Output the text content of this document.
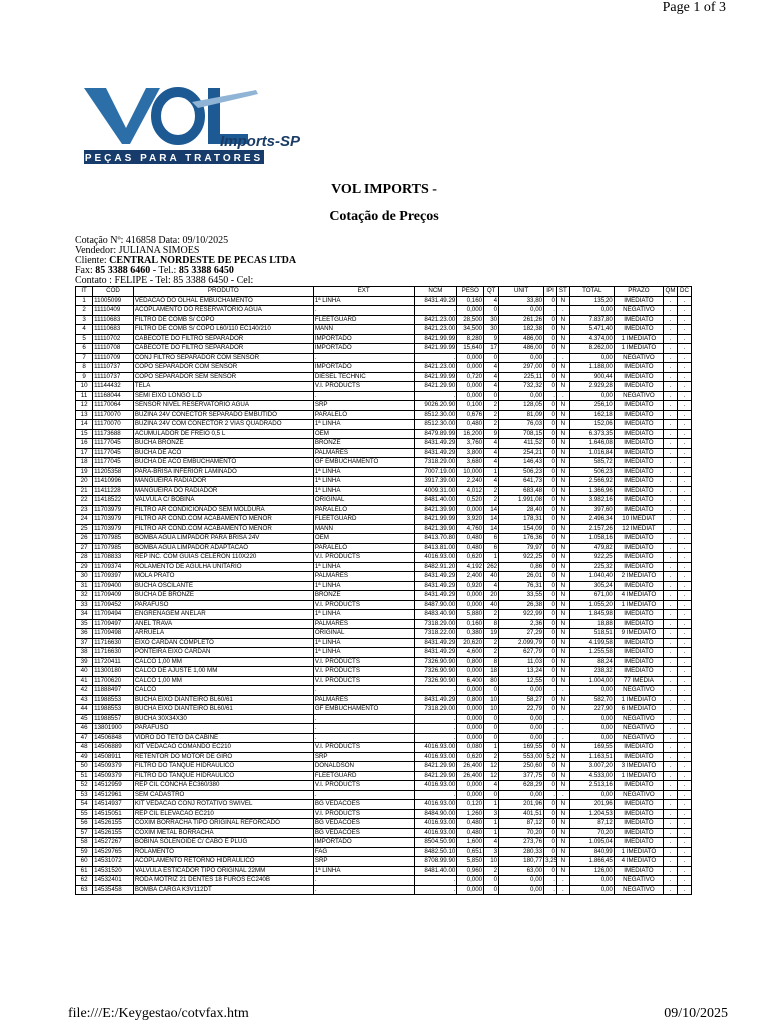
Page 1 of 3
Imports-SP
PEÇAS PARA TRATORES
VOL IMPORTS -
Cotação de Preços
Cotação Nº: 416858 Data: 09/10/2025
Vendedor: JULIANA SIMOES
Cliente: CENTRAL NORDESTE DE PECAS LTDA
Fax: 85 3388 6460 - Tel.: 85 3388 6450
Contato : FELIPE - Tel: 85 3388 6450 - Cel:
IT	COD	PRODUTO	EXT	NCM	PESO	QT	UNIT	IPI	ST	TOTAL	PRAZO	QM	DC
1	11005099	VEDACAO DO OLHAL EMBUCHAMENTO	1ª LINHA	8431.49.29	0,160	4	33,80	0	N	135,20	IMEDIATO	.	.
2	11110409	ACOPLAMENTO DO RESERVATORIO AGUA	.	.	0,000	0	0,00	.	.	0,00	NEGATIVO	.	.
3	11110683	FILTRO DE COMB S/ COPO	FLEETGUARD	8421.23.00	28,500	30	261,26	0	N	7.837,80	IMEDIATO	.	.
4	11110683	FILTRO DE COMB S/ COPO L60/110 EC140/210	MANN	8421.23.00	34,500	30	182,38	0	N	5.471,40	IMEDIATO	.	.
5	11110702	CABECOTE DO FILTRO SEPARADOR	IMPORTADO	8421.99.99	8,280	9	486,00	0	N	4.374,00	1 IMEDIATO	.	.
6	11110708	CABECOTE DO FILTRO SEPARADOR	IMPORTADO	8421.99.99	15,640	17	486,00	0	N	8.262,00	1 IMEDIATO	.	.
7	11110709	CONJ FILTRO SEPARADOR COM SENSOR	.	.	0,000	0	0,00	.	.	0,00	NEGATIVO	.	.
8	11110737	COPO SEPARADOR COM SENSOR	IMPORTADO	8421.23.00	0,000	4	297,00	0	N	1.188,00	IMEDIATO	.	.
9	11110737	COPO SEPARADOR SEM SENSOR	DIESEL TECHNIC	8421.99.99	0,720	4	225,11	0	N	900,44	IMEDIATO	.	.
10	11144432	TELA	V.I. PRODUCTS	8421.29.90	0,000	4	732,32	0	N	2.929,28	IMEDIATO	.	.
11	11168044	SEMI EIXO LONGO L.D	.	.	0,000	0	0,00	.	.	0,00	NEGATIVO	.	.
12	11170064	SENSOR NIVEL RESERVATORIO AGUA	SRP	9026.20.90	0,100	2	128,05	0	N	256,10	IMEDIATO	.	.
13	11170070	BUZINA 24V CONECTOR SEPARADO EMBUTIDO	PARALELO	8512.30.00	0,676	2	81,09	0	N	162,18	IMEDIATO	.	.
14	11170070	BUZINA 24V COM CONECTOR 2 VIAS QUADRADO	1ª LINHA	8512.30.00	0,480	2	76,03	0	N	152,06	IMEDIATO	.	.
15	11173688	ACUMULADOR DE FREIO 0,5 L	OEM	8479.89.99	16,200	9	708,15	0	N	6.373,35	IMEDIATO	.	.
16	11177045	BUCHA BRONZE	BRONZE	8431.49.29	3,760	4	411,52	0	N	1.646,08	IMEDIATO	.	.
17	11177045	BUCHA DE ACO	PALMARES	8431.49.29	3,800	4	254,21	0	N	1.016,84	IMEDIATO	.	.
18	11177045	BUCHA DE ACO EMBUCHAMENTO	GF EMBUCHAMENTO	7318.29.00	3,680	4	146,43	0	N	585,72	IMEDIATO	.	.
19	11205358	PARA-BRISA INFERIOR LAMINADO	1ª LINHA	7007.19.00	10,000	1	506,23	0	N	506,23	IMEDIATO	.	.
20	11410996	MANGUEIRA RADIADOR	1ª LINHA	3917.39.00	2,240	4	641,73	0	N	2.566,92	IMEDIATO	.	.
21	11411228	MANGUEIRA DO RADIADOR	1ª LINHA	4009.31.00	4,012	2	683,48	0	N	1.366,96	IMEDIATO	.	.
22	11418522	VALVULA C/ BOBINA	ORIGINAL	8481.40.00	0,520	2	1.991,08	0	N	3.982,16	IMEDIATO	.	.
23	11703979	FILTRO AR CONDICIONADO SEM MOLDURA	PARALELO	8421.39.90	0,000	14	28,40	0	N	397,60	IMEDIATO	.	.
24	11703979	FILTRO AR COND.COM ACABAMENTO MENOR	FLEETGUARD	8421.99.99	3,920	14	178,31	0	N	2.496,34	10 IMEDIAT	.	.
25	11703979	FILTRO AR COND.COM ACABAMENTO MENOR	MANN	8421.39.90	4,760	14	154,09	0	N	2.157,26	12 IMEDIAT	.	.
26	11707985	BOMBA AGUA LIMPADOR PARA BRISA 24V	OEM	8413.70.80	0,480	6	176,36	0	N	1.058,16	IMEDIATO	.	.
27	11707985	BOMBA AGUA LIMPADOR ADAPTACAO	PARALELO	8413.81.00	0,480	6	79,97	0	N	479,82	IMEDIATO	.	.
28	11708833	REP INC. COM GUIAS CELERON 110X220	V.I. PRODUCTS	4016.93.00	0,620	1	922,25	0	N	922,25	IMEDIATO	.	.
29	11709374	ROLAMENTO DE AGULHA UNITARIO	1ª LINHA	8482.91.20	4,192	262	0,86	0	N	225,32	IMEDIATO	.	.
30	11709397	MOLA PRATO	PALMARES	8431.49.29	2,400	40	26,01	0	N	1.040,40	2 IMEDIATO	.	.
31	11709400	BUCHA OSCILANTE	1ª LINHA	8431.49.29	0,920	4	76,31	0	N	305,24	IMEDIATO	.	.
32	11709409	BUCHA DE BRONZE	BRONZE	8431.49.29	0,000	20	33,55	0	N	671,00	4 IMEDIATO	.	.
33	11709452	PARAFUSO	V.I. PRODUCTS	8487.90.00	0,000	40	26,38	0	N	1.055,20	1 IMEDIATO	.	.
34	11709494	ENGRENAGEM ANELAR	1ª LINHA	8483.40.90	5,880	2	922,99	0	N	1.845,98	IMEDIATO	.	.
35	11709497	ANEL TRAVA	PALMARES	7318.29.00	0,160	8	2,36	0	N	18,88	IMEDIATO	.	.
36	11709498	ARRUELA	ORIGINAL	7318.22.00	0,380	19	27,29	0	N	518,51	9 IMEDIATO	.	.
37	11716630	EIXO CARDAN COMPLETO	1ª LINHA	8431.49.29	20,620	2	2.099,79	0	N	4.199,58	IMEDIATO	.	.
38	11716630	PONTEIRA EIXO CARDAN	1ª LINHA	8431.49.29	4,600	2	627,79	0	N	1.255,58	IMEDIATO	.	.
39	11720411	CALCO 1,00 MM	V.I. PRODUCTS	7326.90.90	0,800	8	11,03	0	N	88,24	IMEDIATO	.	.
40	11300180	CALCO DE AJUSTE 1,00 MM	V.I. PRODUCTS	7326.90.90	0,000	18	13,24	0	N	238,32	IMEDIATO	.	.
41	11700620	CALCO 1,00 MM	V.I. PRODUCTS	7326.90.90	6,400	80	12,55	0	N	1.004,00	77 IMEDIA	.	.
42	11888497	CALCO	.	.	0,000	0	0,00	.	.	0,00	NEGATIVO	.	.
43	11988553	BUCHA EIXO DIANTEIRO BL60/61	PALMARES	8431.49.29	0,800	10	58,27	0	N	582,70	1 IMEDIATO	.	.
44	11988553	BUCHA EIXO DIANTEIRO BL60/61	GF EMBUCHAMENTO	7318.29.00	0,000	10	22,79	0	N	227,90	6 IMEDIATO	.	.
45	11988557	BUCHA 30X34X30	.	.	0,000	0	0,00	.	.	0,00	NEGATIVO	.	.
46	13801900	PARAFUSO	.	.	0,000	0	0,00	.	.	0,00	NEGATIVO	.	.
47	14506848	VIDRO DO TETO DA CABINE	.	.	0,000	0	0,00	.	.	0,00	NEGATIVO	.	.
48	14506889	KIT VEDACAO COMANDO EC210	V.I. PRODUCTS	4016.93.00	0,080	1	169,55	0	N	169,55	IMEDIATO	.	.
49	14508911	RETENTOR DO MOTOR DE GIRO	SRP	4016.93.00	0,620	2	553,00	5,2	N	1.163,51	IMEDIATO	.	.
50	14509379	FILTRO DO TANQUE HIDRAULICO	DONALDSON	8421.29.90	26,400	12	250,60	0	N	3.007,20	3 IMEDIATO	.	.
51	14509379	FILTRO DO TANQUE HIDRAULICO	FLEETGUARD	8421.29.90	26,400	12	377,75	0	N	4.533,00	1 IMEDIATO	.	.
52	14512959	REP CIL CONCHA EC360/380	V.I. PRODUCTS	4016.93.00	0,000	4	628,29	0	N	2.513,16	IMEDIATO	.	.
53	14512961	SEM CADASTRO	.	.	0,000	0	0,00	.	.	0,00	NEGATIVO	.	.
54	14514937	KIT VEDACAO CONJ ROTATIVO SWIVEL	BG VEDACOES	4016.93.00	0,120	1	201,96	0	N	201,96	IMEDIATO	.	.
55	14515051	REP CIL ELEVACAO EC210	V.I. PRODUCTS	8484.90.00	1,260	3	401,51	0	N	1.204,53	IMEDIATO	.	.
56	14526155	COXIM BORRACHA TIPO ORIGINAL REFORCADO	BG VEDACOES	4016.93.00	0,480	1	87,12	0	N	87,12	IMEDIATO	.	.
57	14526155	COXIM METAL BORRACHA	BG VEDACOES	4016.93.00	0,480	1	70,20	0	N	70,20	IMEDIATO	.	.
58	14527267	BOBINA SOLENOIDE C/ CABO E PLUG	IMPORTADO	8504.50.90	1,600	4	273,76	0	N	1.095,04	IMEDIATO	.	.
59	14529765	ROLAMENTO	FAG	8482.50.10	0,651	3	280,33	0	N	840,99	1 IMEDIATO	.	.
60	14531072	ACOPLAMENTO RETORNO HIDRAULICO	SRP	8708.99.90	5,850	10	180,77	3,25	N	1.866,45	4 IMEDIATO	.	.
61	14531520	VALVULA ESTICADOR TIPO ORIGINAL 22MM	1ª LINHA	8481.40.00	0,960	2	63,00	0	N	126,00	IMEDIATO	.	.
62	14532401	RODA MOTRIZ 21 DENTES 18 FUROS EC240B	.	.	0,000	0	0,00	.	.	0,00	NEGATIVO	.	.
63	14535458	BOMBA CARGA K3V112DT	.	.	0,000	0	0,00	.	.	0,00	NEGATIVO	.	.
file:///E:/Keygestao/cotvfax.htm	09/10/2025
